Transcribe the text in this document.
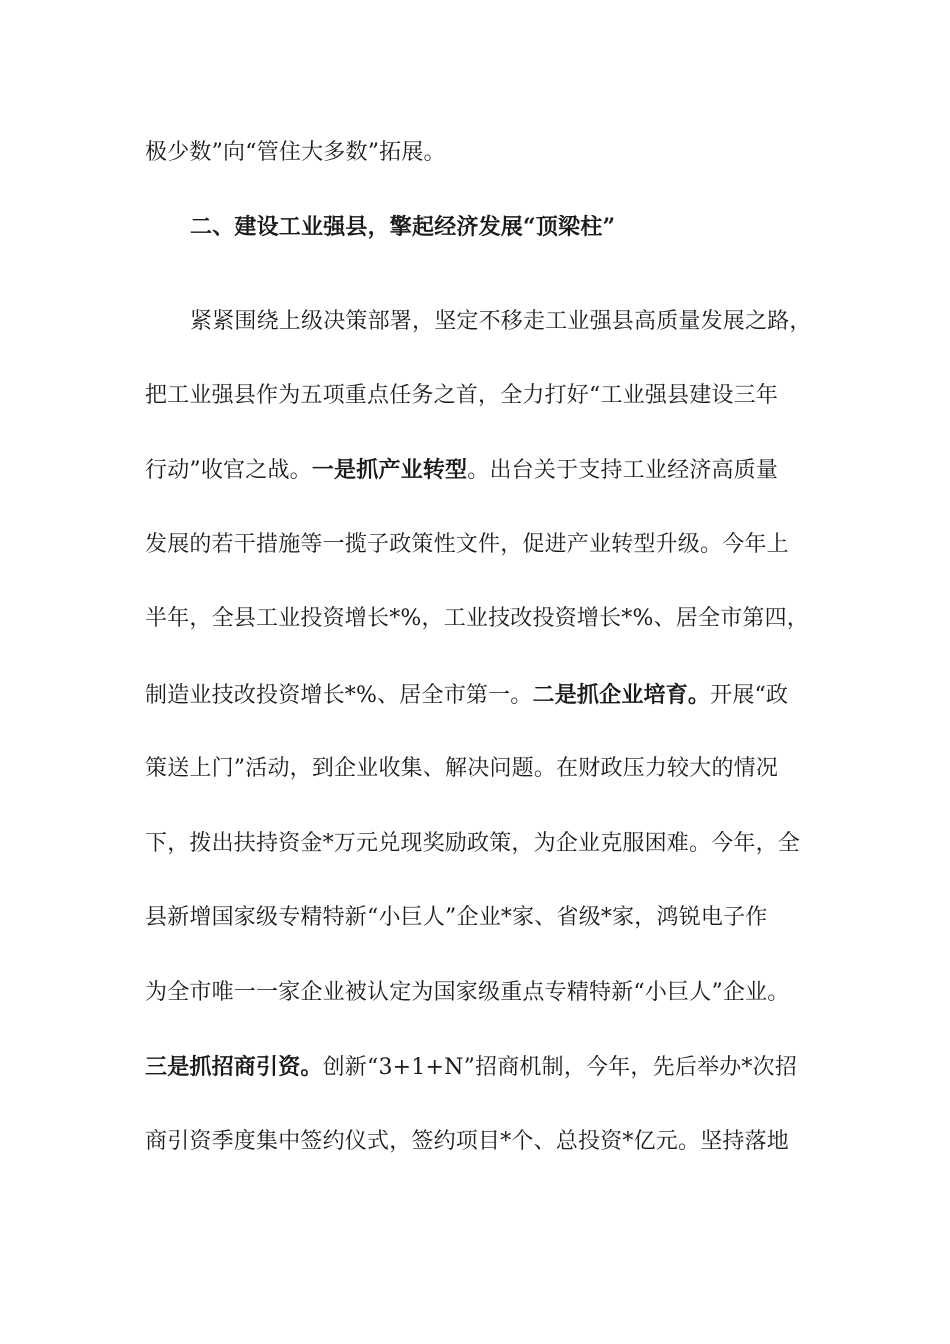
极少数”向“管住大多数”拓展。
二、建设工业强县，擎起经济发展“顶梁柱”
紧紧围绕上级决策部署，坚定不移走工业强县高质量发展之路，
把工业强县作为五项重点任务之首，全力打好“工业强县建设三年
行动”收官之战。一是抓产业转型。出台关于支持工业经济高质量
发展的若干措施等一揽子政策性文件，促进产业转型升级。今年上
半年，全县工业投资增长*%，工业技改投资增长*%、居全市第四，
制造业技改投资增长*%、居全市第一。二是抓企业培育。开展“政
策送上门”活动，到企业收集、解决问题。在财政压力较大的情况
下，拨出扶持资金*万元兑现奖励政策，为企业克服困难。今年，全
县新增国家级专精特新“小巨人”企业*家、省级*家，鸿锐电子作
为全市唯一一家企业被认定为国家级重点专精特新“小巨人”企业。
三是抓招商引资。创新“3+1+N”招商机制，今年，先后举办*次招
商引资季度集中签约仪式，签约项目*个、总投资*亿元。坚持落地
